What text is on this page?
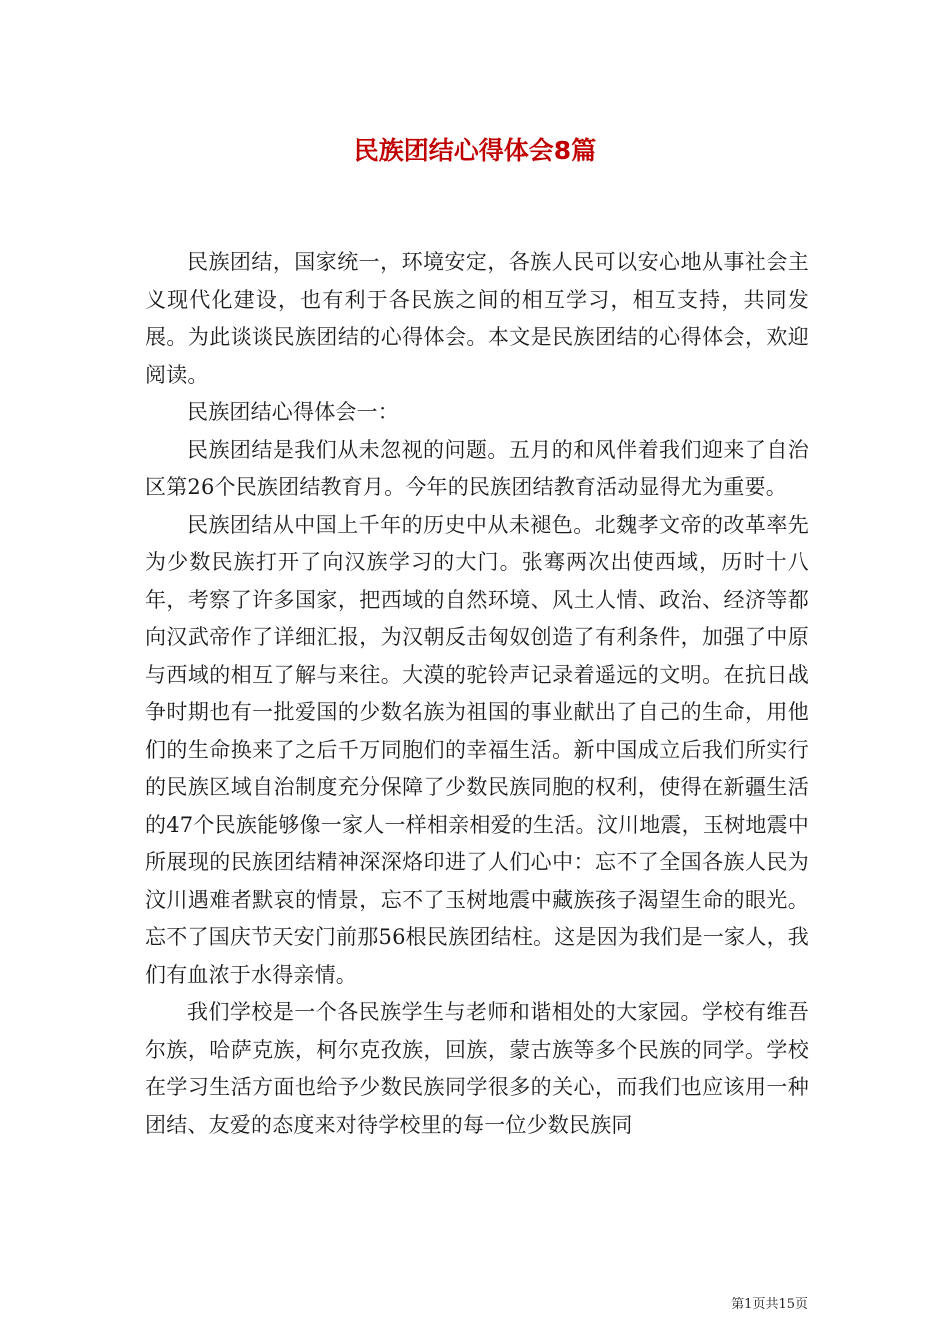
民族团结心得体会8篇

民族团结，国家统一，环境安定，各族人民可以安心地从事社会主义现代化建设，也有利于各民族之间的相互学习，相互支持，共同发展。为此谈谈民族团结的心得体会。本文是民族团结的心得体会，欢迎阅读。

民族团结心得体会一：

民族团结是我们从未忽视的问题。五月的和风伴着我们迎来了自治区第26个民族团结教育月。今年的民族团结教育活动显得尤为重要。

民族团结从中国上千年的历史中从未褪色。北魏孝文帝的改革率先为少数民族打开了向汉族学习的大门。张骞两次出使西域，历时十八年，考察了许多国家，把西域的自然环境、风土人情、政治、经济等都向汉武帝作了详细汇报，为汉朝反击匈奴创造了有利条件，加强了中原与西域的相互了解与来往。大漠的驼铃声记录着遥远的文明。在抗日战争时期也有一批爱国的少数名族为祖国的事业献出了自己的生命，用他们的生命换来了之后千万同胞们的幸福生活。新中国成立后我们所实行的民族区域自治制度充分保障了少数民族同胞的权利，使得在新疆生活的47个民族能够像一家人一样相亲相爱的生活。汶川地震，玉树地震中所展现的民族团结精神深深烙印进了人们心中：忘不了全国各族人民为汶川遇难者默哀的情景，忘不了玉树地震中藏族孩子渴望生命的眼光。忘不了国庆节天安门前那56根民族团结柱。这是因为我们是一家人，我们有血浓于水得亲情。

我们学校是一个各民族学生与老师和谐相处的大家园。学校有维吾尔族，哈萨克族，柯尔克孜族，回族，蒙古族等多个民族的同学。学校在学习生活方面也给予少数民族同学很多的关心，而我们也应该用一种团结、友爱的态度来对待学校里的每一位少数民族同

第1页共15页
